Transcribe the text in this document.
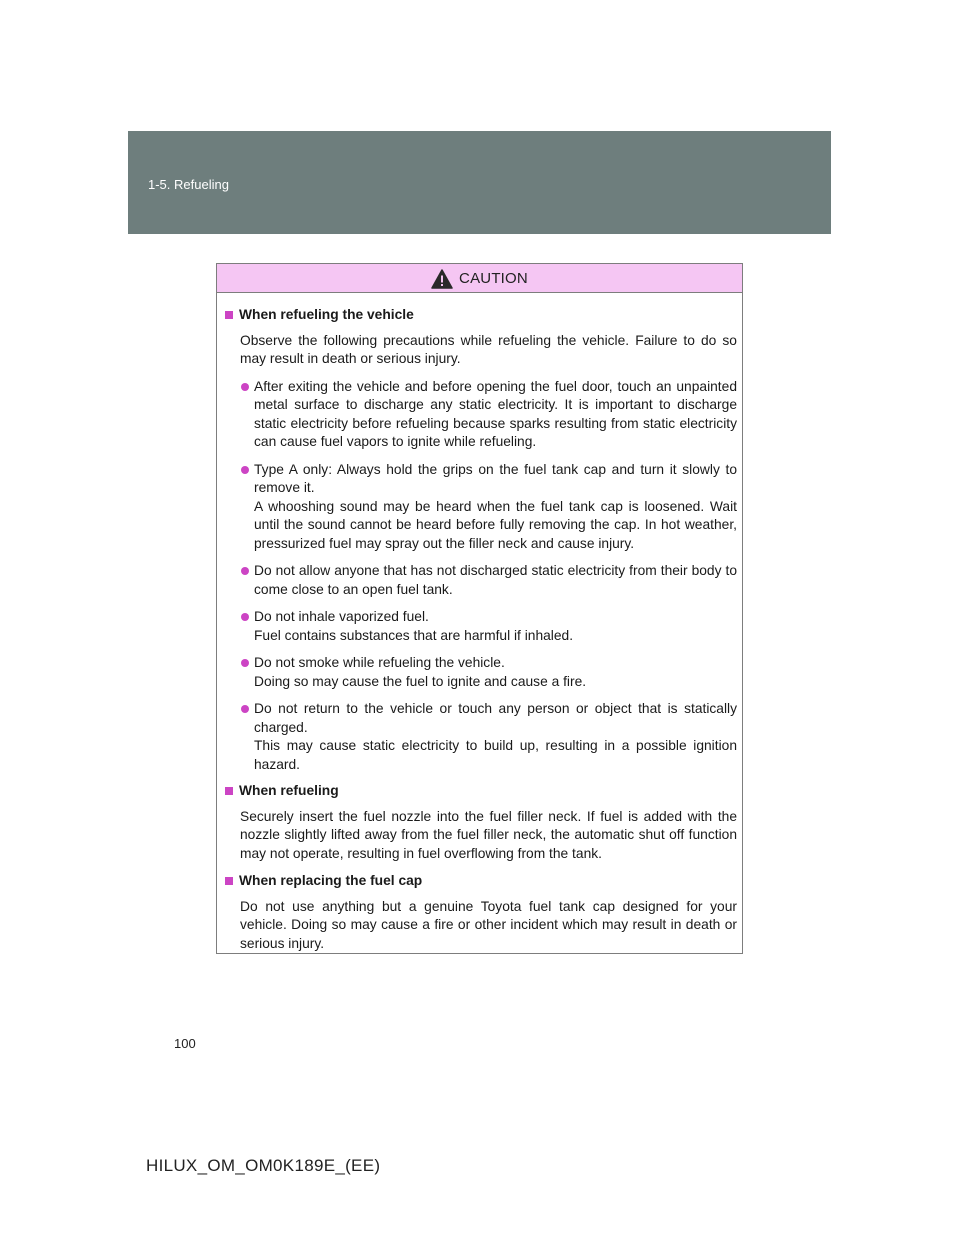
1-5. Refueling
CAUTION
When refueling the vehicle

Observe the following precautions while refueling the vehicle. Failure to do so may result in death or serious injury.

After exiting the vehicle and before opening the fuel door, touch an unpainted metal surface to discharge any static electricity. It is important to discharge static electricity before refueling because sparks resulting from static electricity can cause fuel vapors to ignite while refueling.
Type A only: Always hold the grips on the fuel tank cap and turn it slowly to remove it.
A whooshing sound may be heard when the fuel tank cap is loosened. Wait until the sound cannot be heard before fully removing the cap. In hot weather, pressurized fuel may spray out the filler neck and cause injury.
Do not allow anyone that has not discharged static electricity from their body to come close to an open fuel tank.
Do not inhale vaporized fuel.
Fuel contains substances that are harmful if inhaled.
Do not smoke while refueling the vehicle.
Doing so may cause the fuel to ignite and cause a fire.
Do not return to the vehicle or touch any person or object that is statically charged.
This may cause static electricity to build up, resulting in a possible ignition hazard.
When refueling

Securely insert the fuel nozzle into the fuel filler neck. If fuel is added with the nozzle slightly lifted away from the fuel filler neck, the automatic shut off function may not operate, resulting in fuel overflowing from the tank.

When replacing the fuel cap

Do not use anything but a genuine Toyota fuel tank cap designed for your vehicle. Doing so may cause a fire or other incident which may result in death or serious injury.

100
HILUX_OM_OM0K189E_(EE)
